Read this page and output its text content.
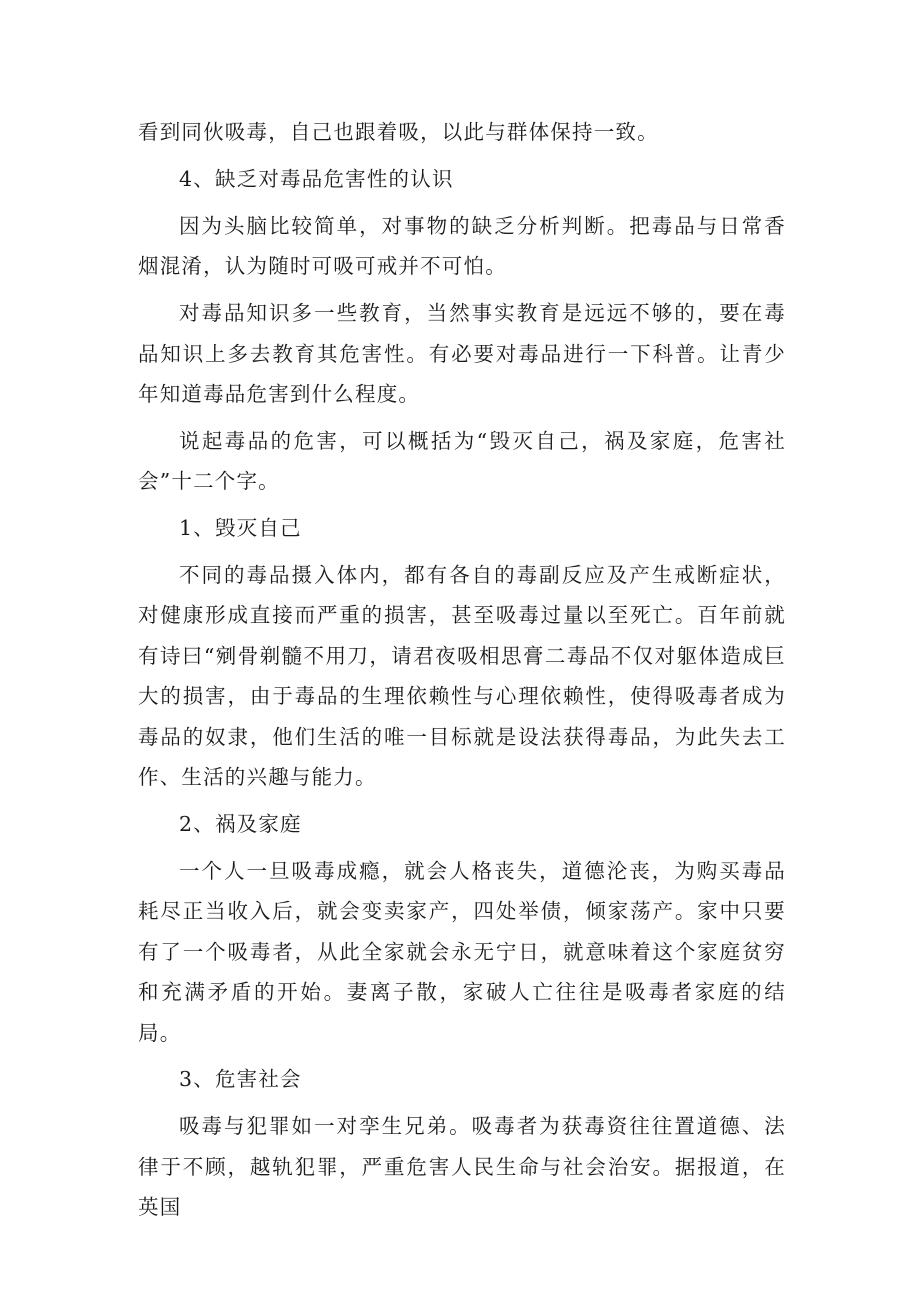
看到同伙吸毒，自己也跟着吸，以此与群体保持一致。

4、缺乏对毒品危害性的认识

因为头脑比较简单，对事物的缺乏分析判断。把毒品与日常香烟混淆，认为随时可吸可戒并不可怕。

对毒品知识多一些教育，当然事实教育是远远不够的，要在毒品知识上多去教育其危害性。有必要对毒品进行一下科普。让青少年知道毒品危害到什么程度。

说起毒品的危害，可以概括为“毁灭自己，祸及家庭，危害社会”十二个字。

1、毁灭自己

不同的毒品摄入体内，都有各自的毒副反应及产生戒断症状，对健康形成直接而严重的损害，甚至吸毒过量以至死亡。百年前就有诗曰“剜骨剃髓不用刀，请君夜吸相思膏二毒品不仅对躯体造成巨大的损害，由于毒品的生理依赖性与心理依赖性，使得吸毒者成为毒品的奴隶，他们生活的唯一目标就是设法获得毒品，为此失去工作、生活的兴趣与能力。

2、祸及家庭

一个人一旦吸毒成瘾，就会人格丧失，道德沦丧，为购买毒品耗尽正当收入后，就会变卖家产，四处举债，倾家荡产。家中只要有了一个吸毒者，从此全家就会永无宁日，就意味着这个家庭贫穷和充满矛盾的开始。妻离子散，家破人亡往往是吸毒者家庭的结局。

3、危害社会

吸毒与犯罪如一对孪生兄弟。吸毒者为获毒资往往置道德、法律于不顾，越轨犯罪，严重危害人民生命与社会治安。据报道，在英国
